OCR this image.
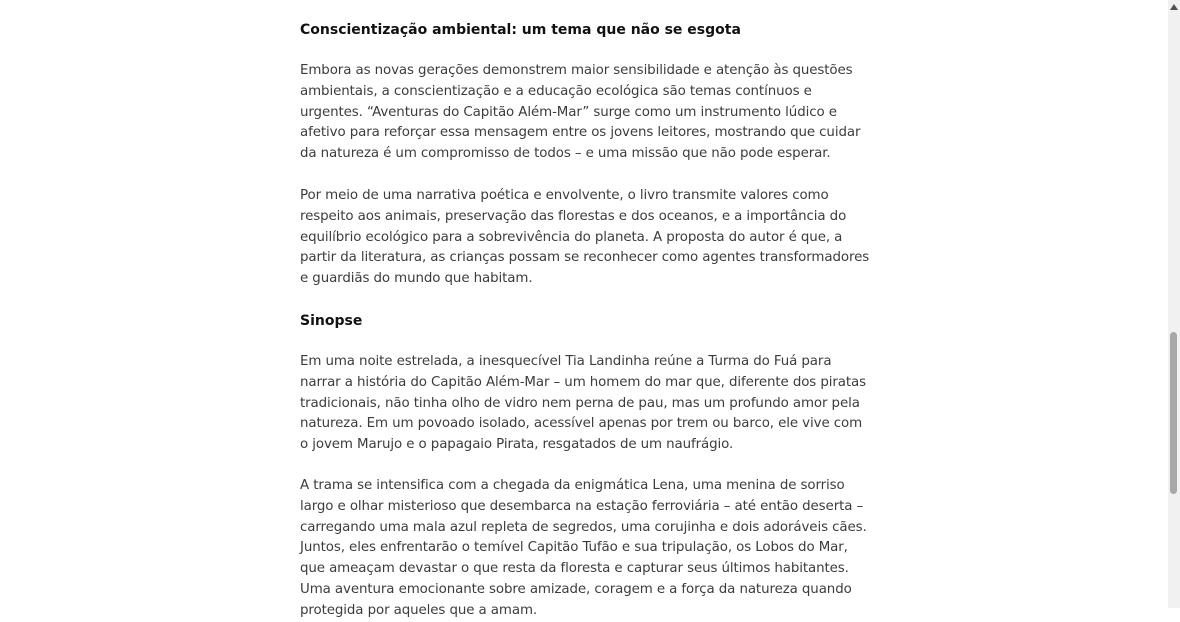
Conscientização ambiental: um tema que não se esgota

Embora as novas gerações demonstrem maior sensibilidade e atenção às questões ambientais, a conscientização e a educação ecológica são temas contínuos e urgentes. “Aventuras do Capitão Além-Mar” surge como um instrumento lúdico e afetivo para reforçar essa mensagem entre os jovens leitores, mostrando que cuidar da natureza é um compromisso de todos – e uma missão que não pode esperar.

Por meio de uma narrativa poética e envolvente, o livro transmite valores como respeito aos animais, preservação das florestas e dos oceanos, e a importância do equilíbrio ecológico para a sobrevivência do planeta. A proposta do autor é que, a partir da literatura, as crianças possam se reconhecer como agentes transformadores e guardiãs do mundo que habitam.

Sinopse

Em uma noite estrelada, a inesquecível Tia Landinha reúne a Turma do Fuá para narrar a história do Capitão Além-Mar – um homem do mar que, diferente dos piratas tradicionais, não tinha olho de vidro nem perna de pau, mas um profundo amor pela natureza. Em um povoado isolado, acessível apenas por trem ou barco, ele vive com o jovem Marujo e o papagaio Pirata, resgatados de um naufrágio.

A trama se intensifica com a chegada da enigmática Lena, uma menina de sorriso largo e olhar misterioso que desembarca na estação ferroviária – até então deserta – carregando uma mala azul repleta de segredos, uma corujinha e dois adoráveis cães. Juntos, eles enfrentarão o temível Capitão Tufão e sua tripulação, os Lobos do Mar, que ameaçam devastar o que resta da floresta e capturar seus últimos habitantes. Uma aventura emocionante sobre amizade, coragem e a força da natureza quando protegida por aqueles que a amam.
